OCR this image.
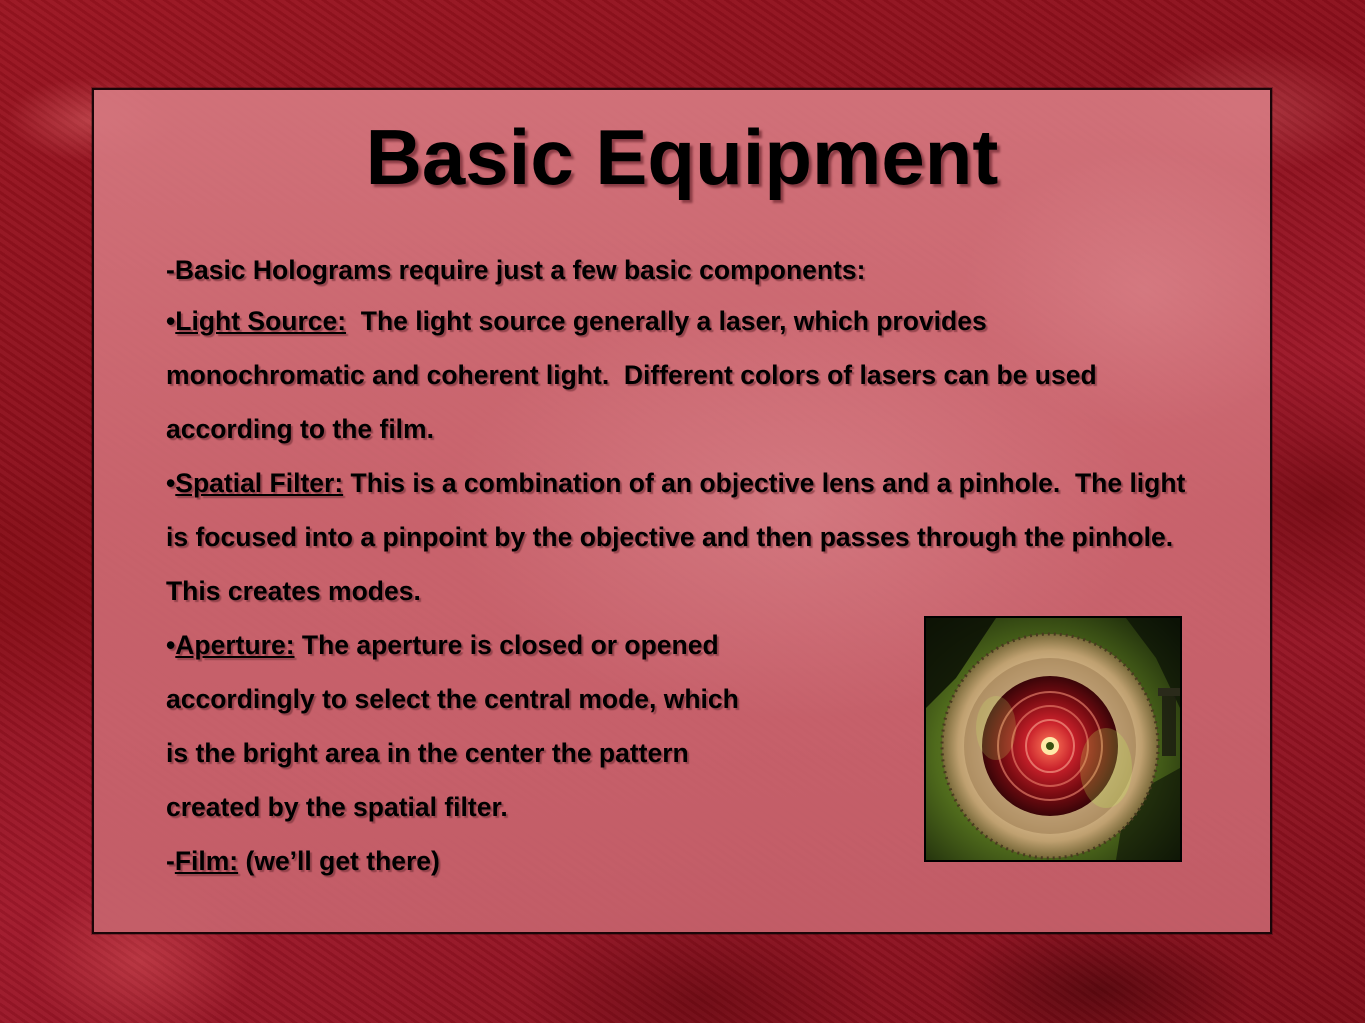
Basic Equipment

-Basic Holograms require just a few basic components:

•Light Source:  The light source generally a laser, which provides monochromatic and coherent light.  Different colors of lasers can be used according to the film.

•Spatial Filter: This is a combination of an objective lens and a pinhole.  The light is focused into a pinpoint by the objective and then passes through the pinhole.  This creates modes.

•Aperture: The aperture is closed or opened
accordingly to select the central mode, which
is the bright area in the center the pattern
created by the spatial filter.

-Film: (we’ll get there)
